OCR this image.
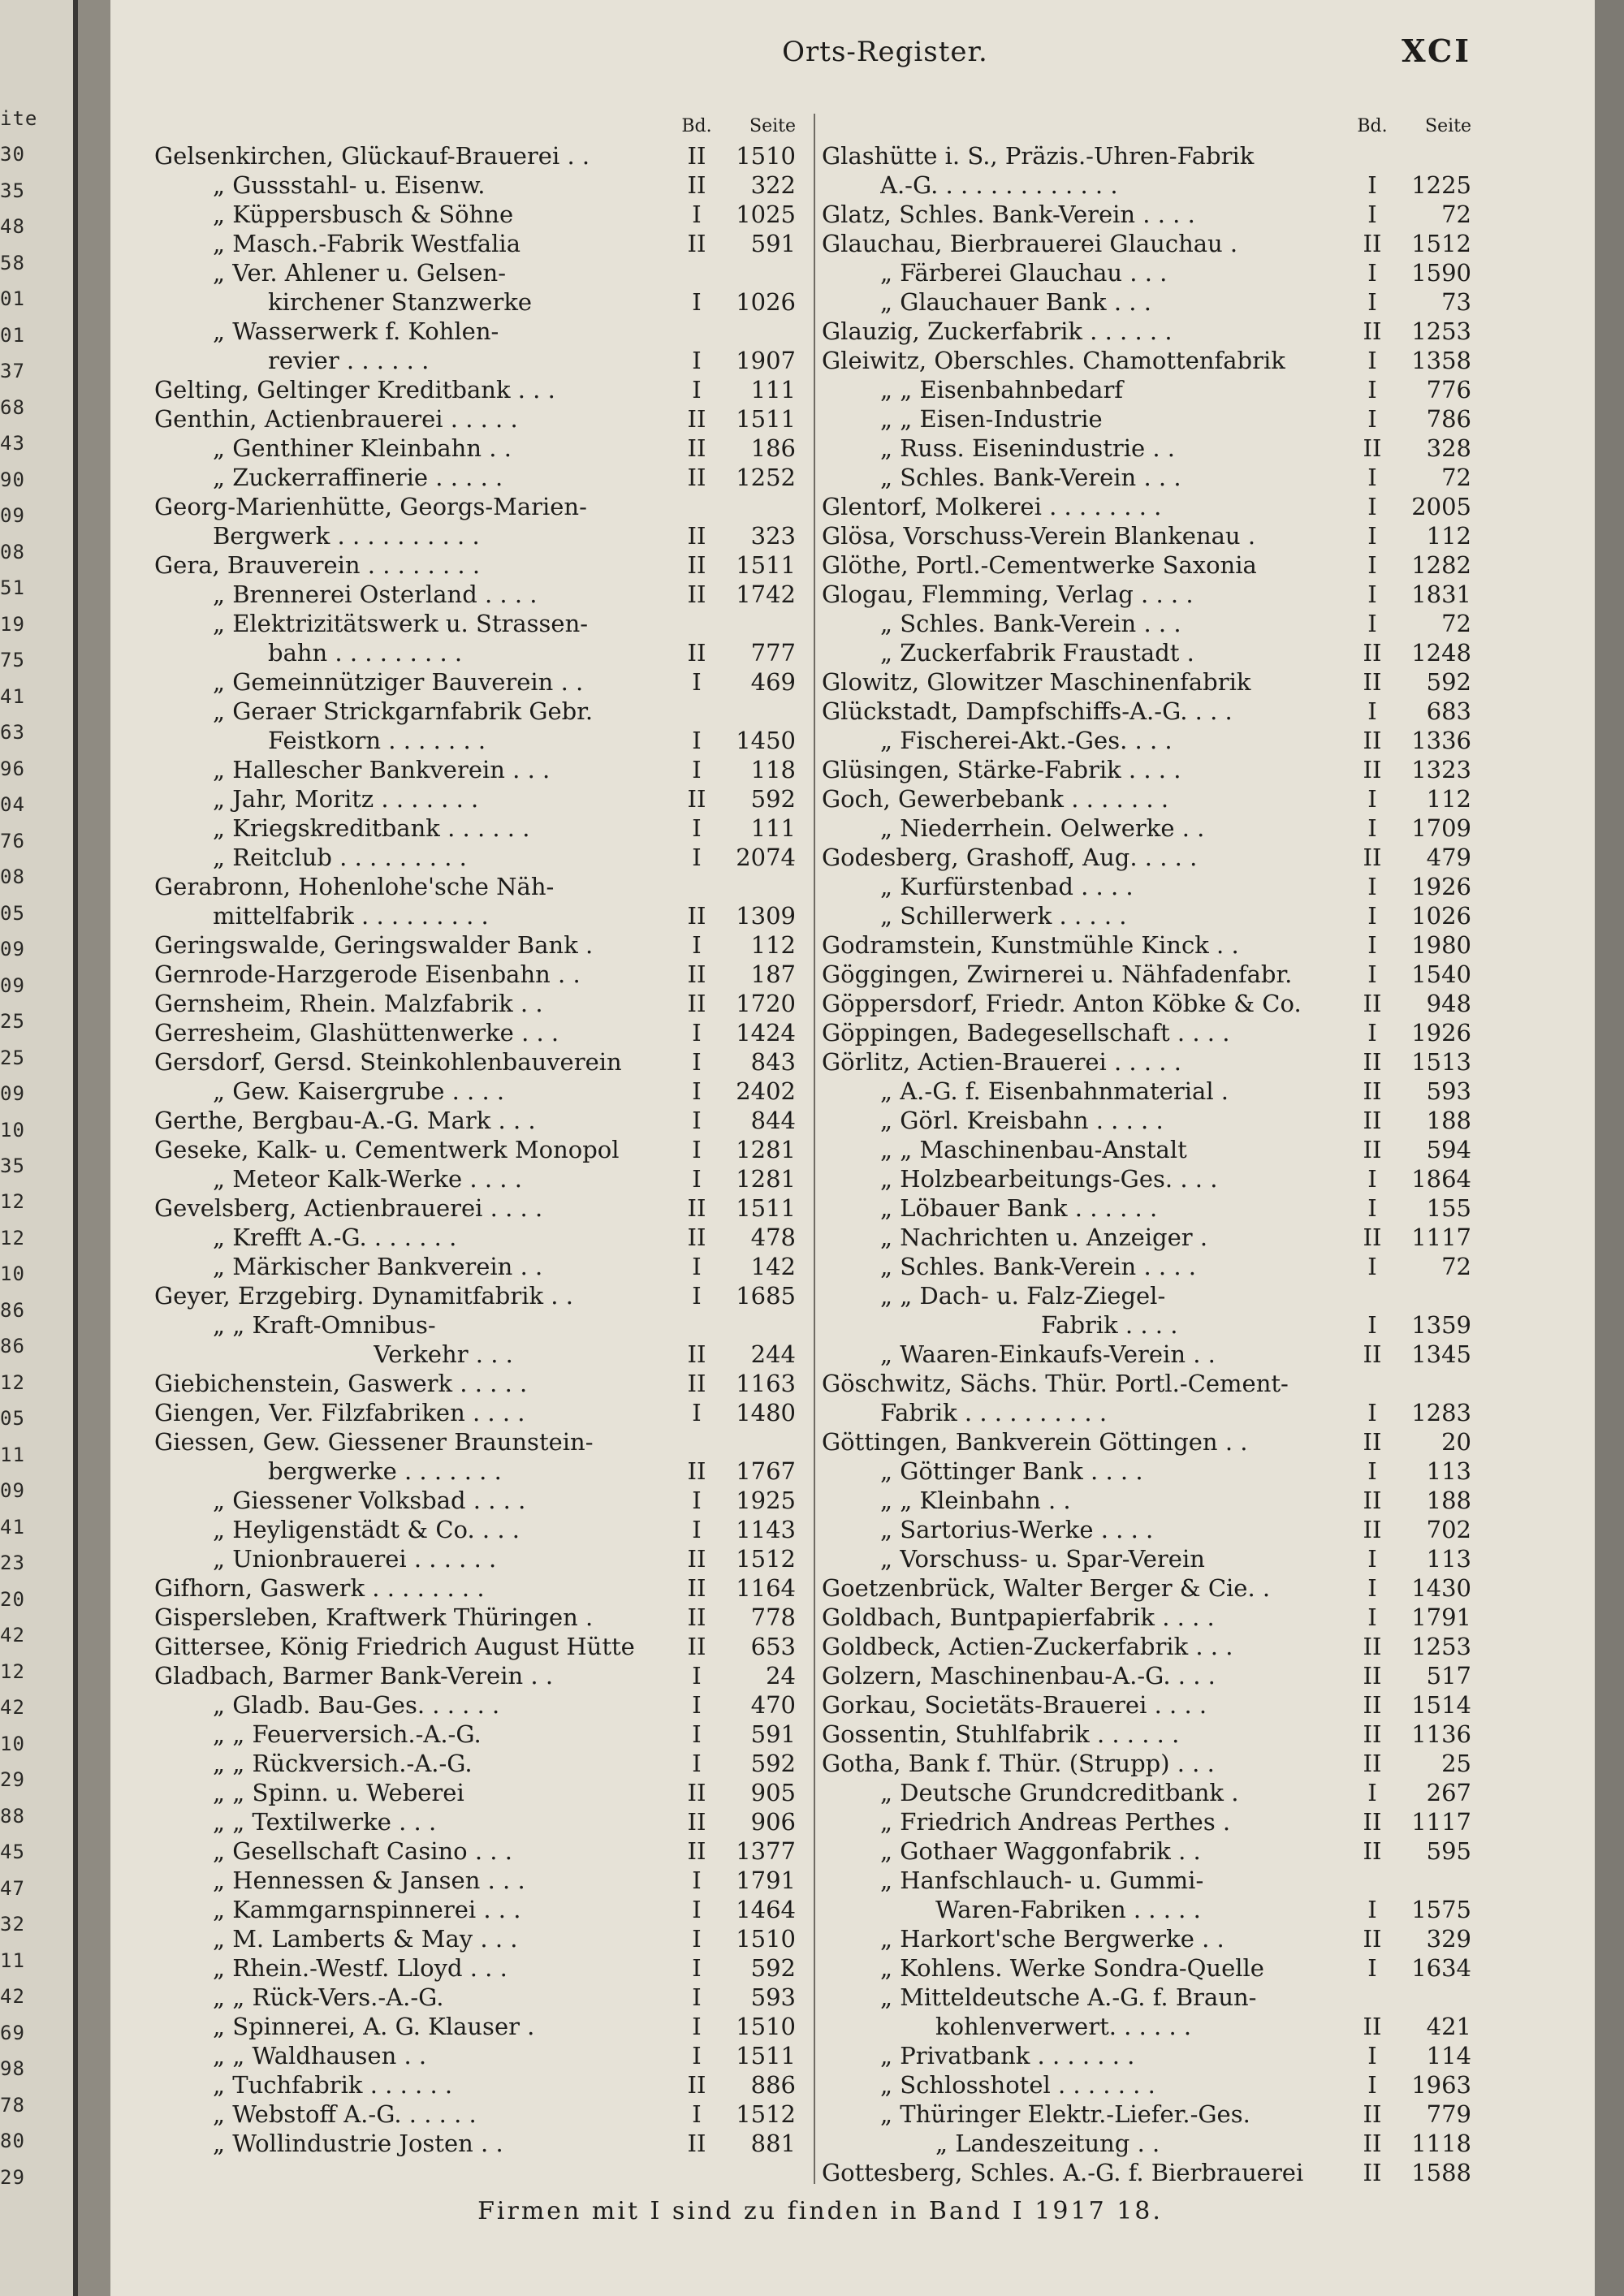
ite
30
35
48
58
01
01
37
68
43
90
09
08
51
19
75
41
63
96
04
76
08
05
09
09
25
25
09
10
35
12
12
10
86
86
12
05
11
09
41
23
20
42
12
42
10
29
88
45
47
32
11
42
69
98
78
80
29
Orts-Register.	XCI
Bd.	Seite
Gelsenkirchen, Glückauf-Brauerei . .	II	1510
„ Gussstahl- u. Eisenw.	II	322
„ Küppersbusch & Söhne	I	1025
„ Masch.-Fabrik Westfalia	II	591
„ Ver. Ahlener u. Gelsen-
kirchener Stanzwerke	I	1026
„ Wasserwerk f. Kohlen-
revier . . . . . .	I	1907
Gelting, Geltinger Kreditbank . . .	I	111
Genthin, Actienbrauerei . . . . .	II	1511
„ Genthiner Kleinbahn . .	II	186
„ Zuckerraffinerie . . . . .	II	1252
Georg-Marienhütte, Georgs-Marien-
Bergwerk . . . . . . . . . .	II	323
Gera, Brauverein . . . . . . . .	II	1511
„ Brennerei Osterland . . . .	II	1742
„ Elektrizitätswerk u. Strassen-
bahn . . . . . . . . .	II	777
„ Gemeinnütziger Bauverein . .	I	469
„ Geraer Strickgarnfabrik Gebr.
Feistkorn . . . . . . .	I	1450
„ Hallescher Bankverein . . .	I	118
„ Jahr, Moritz . . . . . . .	II	592
„ Kriegskreditbank . . . . . .	I	111
„ Reitclub . . . . . . . . .	I	2074
Gerabronn, Hohenlohe'sche Näh-
mittelfabrik . . . . . . . . .	II	1309
Geringswalde, Geringswalder Bank .	I	112
Gernrode-Harzgerode Eisenbahn . .	II	187
Gernsheim, Rhein. Malzfabrik . .	II	1720
Gerresheim, Glashüttenwerke . . .	I	1424
Gersdorf, Gersd. Steinkohlenbauverein	I	843
„ Gew. Kaisergrube . . . .	I	2402
Gerthe, Bergbau-A.-G. Mark . . .	I	844
Geseke, Kalk- u. Cementwerk Monopol	I	1281
„ Meteor Kalk-Werke . . . .	I	1281
Gevelsberg, Actienbrauerei . . . .	II	1511
„ Krefft A.-G. . . . . . .	II	478
„ Märkischer Bankverein . .	I	142
Geyer, Erzgebirg. Dynamitfabrik . .	I	1685
„ „ Kraft-Omnibus-
Verkehr . . .	II	244
Giebichenstein, Gaswerk . . . . .	II	1163
Giengen, Ver. Filzfabriken . . . .	I	1480
Giessen, Gew. Giessener Braunstein-
bergwerke . . . . . . .	II	1767
„ Giessener Volksbad . . . .	I	1925
„ Heyligenstädt & Co. . . .	I	1143
„ Unionbrauerei . . . . . .	II	1512
Gifhorn, Gaswerk . . . . . . . .	II	1164
Gispersleben, Kraftwerk Thüringen .	II	778
Gittersee, König Friedrich August Hütte	II	653
Gladbach, Barmer Bank-Verein . .	I	24
„ Gladb. Bau-Ges. . . . . .	I	470
„ „ Feuerversich.-A.-G.	I	591
„ „ Rückversich.-A.-G.	I	592
„ „ Spinn. u. Weberei	II	905
„ „ Textilwerke . . .	II	906
„ Gesellschaft Casino . . .	II	1377
„ Hennessen & Jansen . . .	I	1791
„ Kammgarnspinnerei . . .	I	1464
„ M. Lamberts & May . . .	I	1510
„ Rhein.-Westf. Lloyd . . .	I	592
„ „ Rück-Vers.-A.-G.	I	593
„ Spinnerei, A. G. Klauser .	I	1510
„ „ Waldhausen . .	I	1511
„ Tuchfabrik . . . . . .	II	886
„ Webstoff A.-G. . . . . .	I	1512
„ Wollindustrie Josten . .	II	881
Bd.	Seite
Glashütte i. S., Präzis.-Uhren-Fabrik
A.-G. . . . . . . . . . . . .	I	1225
Glatz, Schles. Bank-Verein . . . .	I	72
Glauchau, Bierbrauerei Glauchau .	II	1512
„ Färberei Glauchau . . .	I	1590
„ Glauchauer Bank . . .	I	73
Glauzig, Zuckerfabrik . . . . . .	II	1253
Gleiwitz, Oberschles. Chamottenfabrik	I	1358
„ „ Eisenbahnbedarf	I	776
„ „ Eisen-Industrie	I	786
„ Russ. Eisenindustrie . .	II	328
„ Schles. Bank-Verein . . .	I	72
Glentorf, Molkerei . . . . . . . .	I	2005
Glösa, Vorschuss-Verein Blankenau .	I	112
Glöthe, Portl.-Cementwerke Saxonia	I	1282
Glogau, Flemming, Verlag . . . .	I	1831
„ Schles. Bank-Verein . . .	I	72
„ Zuckerfabrik Fraustadt .	II	1248
Glowitz, Glowitzer Maschinenfabrik	II	592
Glückstadt, Dampfschiffs-A.-G. . . .	I	683
„ Fischerei-Akt.-Ges. . . .	II	1336
Glüsingen, Stärke-Fabrik . . . .	II	1323
Goch, Gewerbebank . . . . . . .	I	112
„ Niederrhein. Oelwerke . .	I	1709
Godesberg, Grashoff, Aug. . . . .	II	479
„ Kurfürstenbad . . . .	I	1926
„ Schillerwerk . . . . .	I	1026
Godramstein, Kunstmühle Kinck . .	I	1980
Göggingen, Zwirnerei u. Nähfadenfabr.	I	1540
Göppersdorf, Friedr. Anton Köbke & Co.	II	948
Göppingen, Badegesellschaft . . . .	I	1926
Görlitz, Actien-Brauerei . . . . .	II	1513
„ A.-G. f. Eisenbahnmaterial .	II	593
„ Görl. Kreisbahn . . . . .	II	188
„ „ Maschinenbau-Anstalt	II	594
„ Holzbearbeitungs-Ges. . . .	I	1864
„ Löbauer Bank . . . . . .	I	155
„ Nachrichten u. Anzeiger .	II	1117
„ Schles. Bank-Verein . . . .	I	72
„ „ Dach- u. Falz-Ziegel-
Fabrik . . . .	I	1359
„ Waaren-Einkaufs-Verein . .	II	1345
Göschwitz, Sächs. Thür. Portl.-Cement-
Fabrik . . . . . . . . . .	I	1283
Göttingen, Bankverein Göttingen . .	II	20
„ Göttinger Bank . . . .	I	113
„ „ Kleinbahn . .	II	188
„ Sartorius-Werke . . . .	II	702
„ Vorschuss- u. Spar-Verein	I	113
Goetzenbrück, Walter Berger & Cie. .	I	1430
Goldbach, Buntpapierfabrik . . . .	I	1791
Goldbeck, Actien-Zuckerfabrik . . .	II	1253
Golzern, Maschinenbau-A.-G. . . .	II	517
Gorkau, Societäts-Brauerei . . . .	II	1514
Gossentin, Stuhlfabrik . . . . . .	II	1136
Gotha, Bank f. Thür. (Strupp) . . .	II	25
„ Deutsche Grundcreditbank .	I	267
„ Friedrich Andreas Perthes .	II	1117
„ Gothaer Waggonfabrik . .	II	595
„ Hanfschlauch- u. Gummi-
Waren-Fabriken . . . . .	I	1575
„ Harkort'sche Bergwerke . .	II	329
„ Kohlens. Werke Sondra-Quelle	I	1634
„ Mitteldeutsche A.-G. f. Braun-
kohlenverwert. . . . . .	II	421
„ Privatbank . . . . . . .	I	114
„ Schlosshotel . . . . . . .	I	1963
„ Thüringer Elektr.-Liefer.-Ges.	II	779
„ Landeszeitung . .	II	1118
Gottesberg, Schles. A.-G. f. Bierbrauerei	II	1588
Firmen mit I sind zu finden in Band I 1917 18.
